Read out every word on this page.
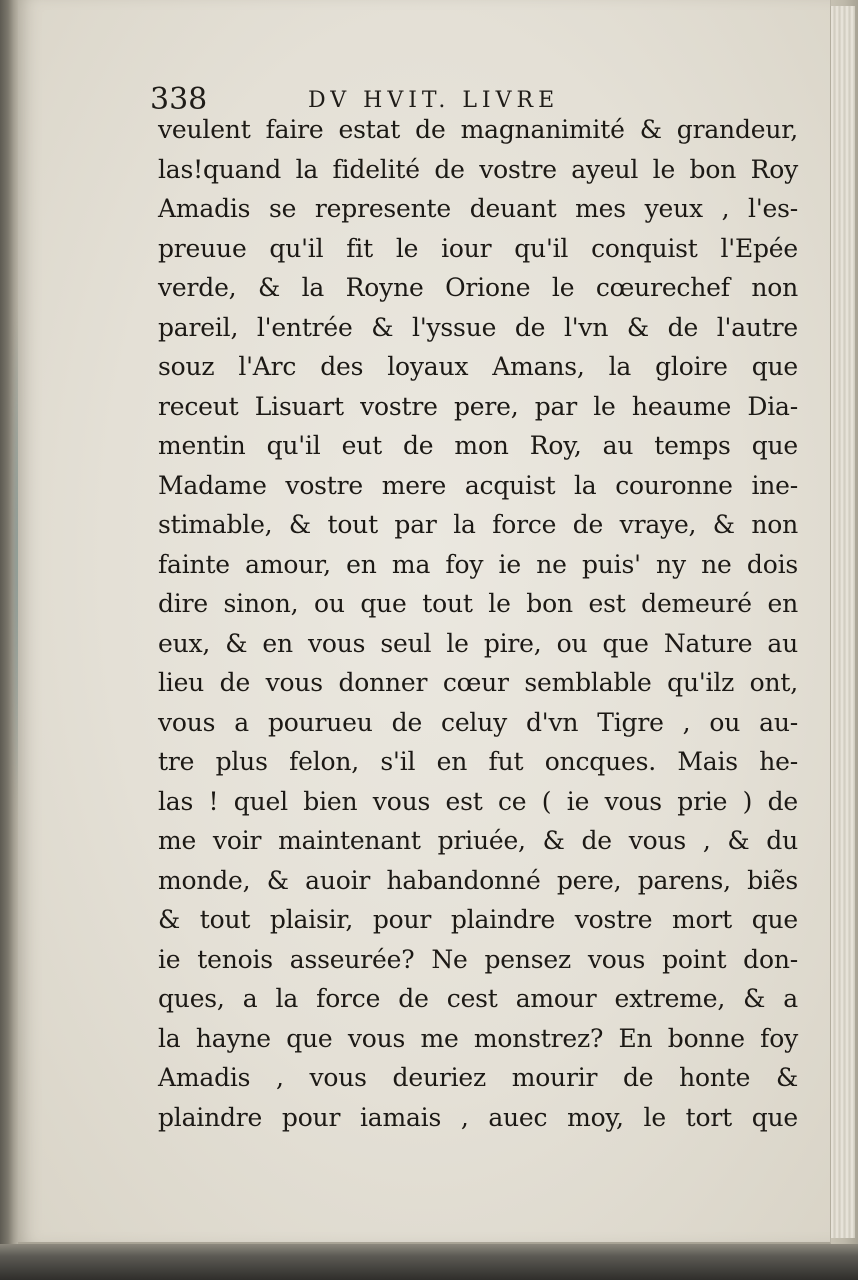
338	DV HVIT. LIVRE
veulent faire estat de magnanimité & grandeur,
las!quand la fidelité de vostre ayeul le bon Roy
Amadis se represente deuant mes yeux , l'es-
preuue qu'il fit le iour qu'il conquist l'Epée
verde, & la Royne Orione le cœurechef non
pareil, l'entrée & l'yssue de l'vn & de l'autre
souz l'Arc des loyaux Amans, la gloire que
receut Lisuart vostre pere, par le heaume Dia-
mentin qu'il eut de mon Roy, au temps que
Madame vostre mere acquist la couronne ine-
stimable, & tout par la force de vraye, & non
fainte amour, en ma foy ie ne puis' ny ne dois
dire sinon, ou que tout le bon est demeuré en
eux, & en vous seul le pire, ou que Nature au
lieu de vous donner cœur semblable qu'ilz ont,
vous a pourueu de celuy d'vn Tigre , ou au-
tre plus felon, s'il en fut oncques. Mais he-
las ! quel bien vous est ce ( ie vous prie ) de
me voir maintenant priuée, & de vous , & du
monde, & auoir habandonné pere, parens, biẽs
& tout plaisir, pour plaindre vostre mort que
ie tenois asseurée? Ne pensez vous point don-
ques, a la force de cest amour extreme, & a
la hayne que vous me monstrez? En bonne foy
Amadis , vous deuriez mourir de honte &
plaindre pour iamais , auec moy, le tort que
